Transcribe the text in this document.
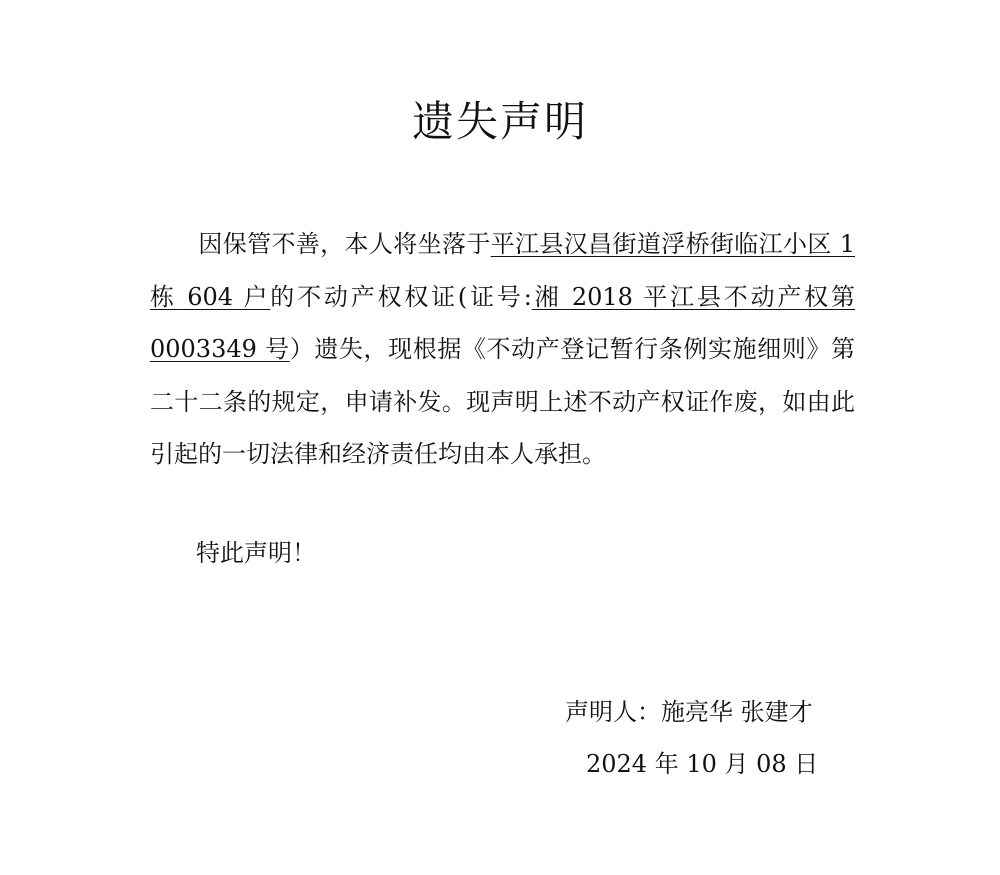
遗失声明

因保管不善，本人将坐落于平江县汉昌街道浮桥街临江小区 1 栋 604 户的不动产权权证(证号:湘 2018 平江县不动产权第 0003349 号）遗失，现根据《不动产登记暂行条例实施细则》第二十二条的规定，申请补发。现声明上述不动产权证作废，如由此引起的一切法律和经济责任均由本人承担。

特此声明！

声明人：施亮华 张建才

2024 年 10 月 08 日
